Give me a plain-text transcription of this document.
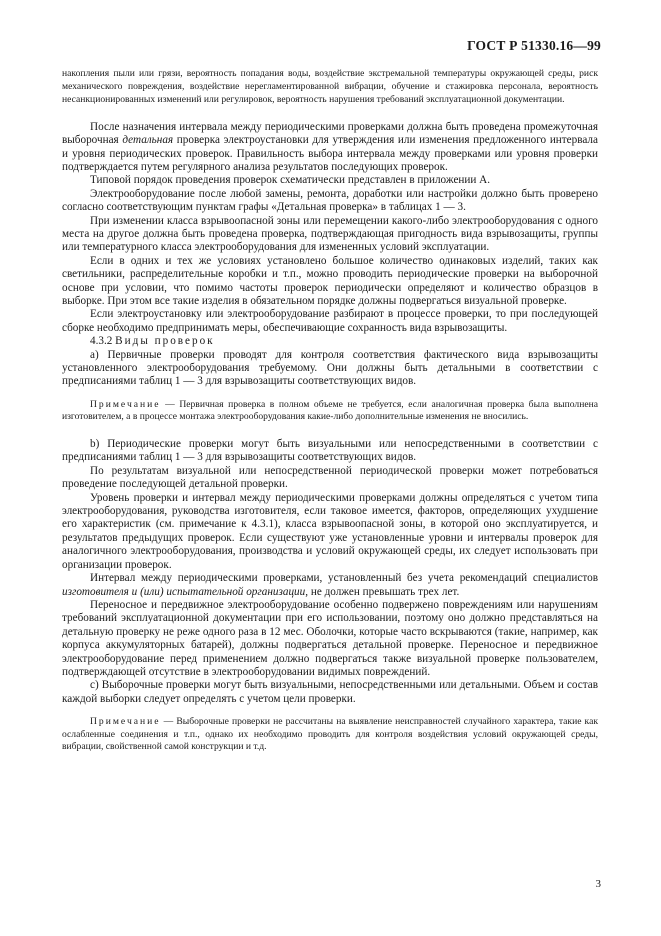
ГОСТ Р 51330.16—99

накопления пыли или грязи, вероятность попадания воды, воздействие экстремальной температуры окружающей среды, риск механического повреждения, воздействие нерегламентированной вибрации, обучение и стажировка персонала, вероятность несанкционированных изменений или регулировок, вероятность нарушения требований эксплуатационной документации.

После назначения интервала между периодическими проверками должна быть проведена промежуточная выборочная детальная проверка электроустановки для утверждения или изменения предложенного интервала и уровня периодических проверок. Правильность выбора интервала между проверками или уровня проверки подтверждается путем регулярного анализа результатов последующих проверок.

Типовой порядок проведения проверок схематически представлен в приложении А.

Электрооборудование после любой замены, ремонта, доработки или настройки должно быть проверено согласно соответствующим пунктам графы «Детальная проверка» в таблицах 1 — 3.

При изменении класса взрывоопасной зоны или перемещении какого-либо электрооборудования с одного места на другое должна быть проведена проверка, подтверждающая пригодность вида взрывозащиты, группы или температурного класса электрооборудования для измененных условий эксплуатации.

Если в одних и тех же условиях установлено большое количество одинаковых изделий, таких как светильники, распределительные коробки и т.п., можно проводить периодические проверки на выборочной основе при условии, что помимо частоты проверок периодически определяют и количество образцов в выборке. При этом все такие изделия в обязательном порядке должны подвергаться визуальной проверке.

Если электроустановку или электрооборудование разбирают в процессе проверки, то при последующей сборке необходимо предпринимать меры, обеспечивающие сохранность вида взрывозащиты.

4.3.2 Виды проверок

а) Первичные проверки проводят для контроля соответствия фактического вида взрывозащиты установленного электрооборудования требуемому. Они должны быть детальными в соответствии с предписаниями таблиц 1 — 3 для взрывозащиты соответствующих видов.

Примечание — Первичная проверка в полном объеме не требуется, если аналогичная проверка была выполнена изготовителем, а в процессе монтажа электрооборудования какие-либо дополнительные изменения не вносились.

b) Периодические проверки могут быть визуальными или непосредственными в соответствии с предписаниями таблиц 1 — 3 для взрывозащиты соответствующих видов.

По результатам визуальной или непосредственной периодической проверки может потребоваться проведение последующей детальной проверки.

Уровень проверки и интервал между периодическими проверками должны определяться с учетом типа электрооборудования, руководства изготовителя, если таковое имеется, факторов, определяющих ухудшение его характеристик (см. примечание к 4.3.1), класса взрывоопасной зоны, в которой оно эксплуатируется, и результатов предыдущих проверок. Если существуют уже установленные уровни и интервалы проверок для аналогичного электрооборудования, производства и условий окружающей среды, их следует использовать при организации проверок.

Интервал между периодическими проверками, установленный без учета рекомендаций специалистов изготовителя и (или) испытательной организации, не должен превышать трех лет.

Переносное и передвижное электрооборудование особенно подвержено повреждениям или нарушениям требований эксплуатационной документации при его использовании, поэтому оно должно представляться на детальную проверку не реже одного раза в 12 мес. Оболочки, которые часто вскрываются (такие, например, как корпуса аккумуляторных батарей), должны подвергаться детальной проверке. Переносное и передвижное электрооборудование перед применением должно подвергаться также визуальной проверке пользователем, подтверждающей отсутствие в электрооборудовании видимых повреждений.

с) Выборочные проверки могут быть визуальными, непосредственными или детальными. Объем и состав каждой выборки следует определять с учетом цели проверки.

Примечание — Выборочные проверки не рассчитаны на выявление неисправностей случайного характера, такие как ослабленные соединения и т.п., однако их необходимо проводить для контроля воздействия условий окружающей среды, вибрации, свойственной самой конструкции и т.д.

3
